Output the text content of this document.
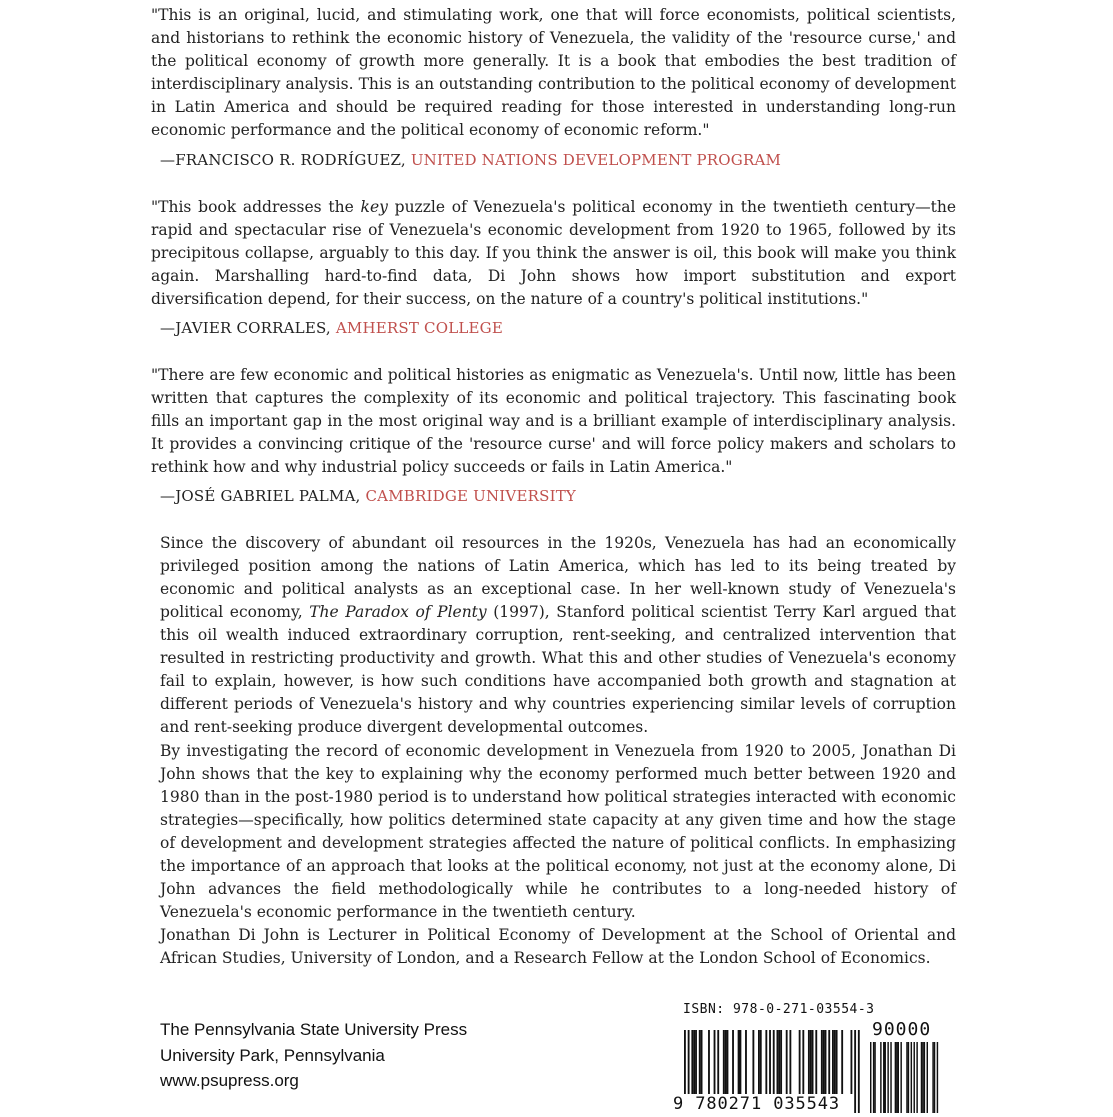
"This is an original, lucid, and stimulating work, one that will force economists, political scientists, and historians to rethink the economic history of Venezuela, the validity of the 'resource curse,' and the political economy of growth more generally. It is a book that embodies the best tradition of interdisciplinary analysis. This is an outstanding contribution to the political economy of development in Latin America and should be required reading for those interested in understanding long-run economic performance and the political economy of economic reform."

—FRANCISCO R. RODRÍGUEZ, UNITED NATIONS DEVELOPMENT PROGRAM

"This book addresses the key puzzle of Venezuela's political economy in the twentieth century—the rapid and spectacular rise of Venezuela's economic development from 1920 to 1965, followed by its precipitous collapse, arguably to this day. If you think the answer is oil, this book will make you think again. Marshalling hard-to-find data, Di John shows how import substitution and export diversification depend, for their success, on the nature of a country's political institutions."

—JAVIER CORRALES, AMHERST COLLEGE

"There are few economic and political histories as enigmatic as Venezuela's. Until now, little has been written that captures the complexity of its economic and political trajectory. This fascinating book fills an important gap in the most original way and is a brilliant example of interdisciplinary analysis. It provides a convincing critique of the 'resource curse' and will force policy makers and scholars to rethink how and why industrial policy succeeds or fails in Latin America."

—JOSÉ GABRIEL PALMA, CAMBRIDGE UNIVERSITY

Since the discovery of abundant oil resources in the 1920s, Venezuela has had an economically privileged position among the nations of Latin America, which has led to its being treated by economic and political analysts as an exceptional case. In her well-known study of Venezuela's political economy, The Paradox of Plenty (1997), Stanford political scientist Terry Karl argued that this oil wealth induced extraordinary corruption, rent-seeking, and centralized intervention that resulted in restricting productivity and growth. What this and other studies of Venezuela's economy fail to explain, however, is how such conditions have accompanied both growth and stagnation at different periods of Venezuela's history and why countries experiencing similar levels of corruption and rent-seeking produce divergent developmental outcomes.

By investigating the record of economic development in Venezuela from 1920 to 2005, Jonathan Di John shows that the key to explaining why the economy performed much better between 1920 and 1980 than in the post-1980 period is to understand how political strategies interacted with economic strategies—specifically, how politics determined state capacity at any given time and how the stage of development and development strategies affected the nature of political conflicts. In emphasizing the importance of an approach that looks at the political economy, not just at the economy alone, Di John advances the field methodologically while he contributes to a long-needed history of Venezuela's economic performance in the twentieth century.

Jonathan Di John is Lecturer in Political Economy of Development at the School of Oriental and African Studies, University of London, and a Research Fellow at the London School of Economics.

The Pennsylvania State University Press
University Park, Pennsylvania
www.psupress.org
ISBN: 978-0-271-03554-3
90000
9 780271 035543
